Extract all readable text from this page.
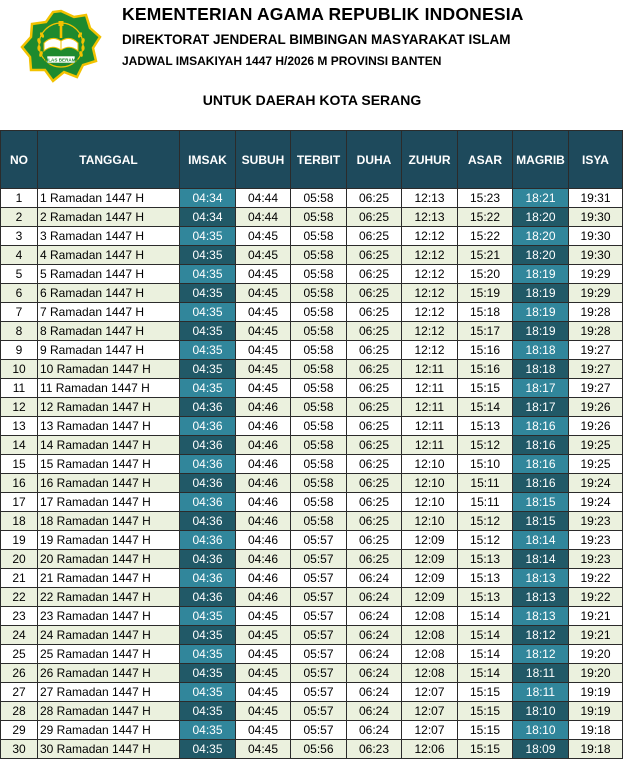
IKHLAS BERAMAL
KEMENTERIAN AGAMA REPUBLIK INDONESIA
DIREKTORAT JENDERAL BIMBINGAN MASYARAKAT ISLAM
JADWAL IMSAKIYAH 1447 H/2026 M PROVINSI BANTEN
UNTUK DAERAH KOTA SERANG
NO	TANGGAL	IMSAK	SUBUH	TERBIT	DUHA	ZUHUR	ASAR	MAGRIB	ISYA
1	1 Ramadan 1447 H	04:34	04:44	05:58	06:25	12:13	15:23	18:21	19:31
2	2 Ramadan 1447 H	04:34	04:44	05:58	06:25	12:13	15:22	18:20	19:30
3	3 Ramadan 1447 H	04:35	04:45	05:58	06:25	12:12	15:22	18:20	19:30
4	4 Ramadan 1447 H	04:35	04:45	05:58	06:25	12:12	15:21	18:20	19:30
5	5 Ramadan 1447 H	04:35	04:45	05:58	06:25	12:12	15:20	18:19	19:29
6	6 Ramadan 1447 H	04:35	04:45	05:58	06:25	12:12	15:19	18:19	19:29
7	7 Ramadan 1447 H	04:35	04:45	05:58	06:25	12:12	15:18	18:19	19:28
8	8 Ramadan 1447 H	04:35	04:45	05:58	06:25	12:12	15:17	18:19	19:28
9	9 Ramadan 1447 H	04:35	04:45	05:58	06:25	12:12	15:16	18:18	19:27
10	10 Ramadan 1447 H	04:35	04:45	05:58	06:25	12:11	15:16	18:18	19:27
11	11 Ramadan 1447 H	04:35	04:45	05:58	06:25	12:11	15:15	18:17	19:27
12	12 Ramadan 1447 H	04:36	04:46	05:58	06:25	12:11	15:14	18:17	19:26
13	13 Ramadan 1447 H	04:36	04:46	05:58	06:25	12:11	15:13	18:16	19:26
14	14 Ramadan 1447 H	04:36	04:46	05:58	06:25	12:11	15:12	18:16	19:25
15	15 Ramadan 1447 H	04:36	04:46	05:58	06:25	12:10	15:10	18:16	19:25
16	16 Ramadan 1447 H	04:36	04:46	05:58	06:25	12:10	15:11	18:16	19:24
17	17 Ramadan 1447 H	04:36	04:46	05:58	06:25	12:10	15:11	18:15	19:24
18	18 Ramadan 1447 H	04:36	04:46	05:58	06:25	12:10	15:12	18:15	19:23
19	19 Ramadan 1447 H	04:36	04:46	05:57	06:25	12:09	15:12	18:14	19:23
20	20 Ramadan 1447 H	04:36	04:46	05:57	06:25	12:09	15:13	18:14	19:23
21	21 Ramadan 1447 H	04:36	04:46	05:57	06:24	12:09	15:13	18:13	19:22
22	22 Ramadan 1447 H	04:36	04:46	05:57	06:24	12:09	15:13	18:13	19:22
23	23 Ramadan 1447 H	04:35	04:45	05:57	06:24	12:08	15:14	18:13	19:21
24	24 Ramadan 1447 H	04:35	04:45	05:57	06:24	12:08	15:14	18:12	19:21
25	25 Ramadan 1447 H	04:35	04:45	05:57	06:24	12:08	15:14	18:12	19:20
26	26 Ramadan 1447 H	04:35	04:45	05:57	06:24	12:08	15:14	18:11	19:20
27	27 Ramadan 1447 H	04:35	04:45	05:57	06:24	12:07	15:15	18:11	19:19
28	28 Ramadan 1447 H	04:35	04:45	05:57	06:24	12:07	15:15	18:10	19:19
29	29 Ramadan 1447 H	04:35	04:45	05:57	06:24	12:07	15:15	18:10	19:18
30	30 Ramadan 1447 H	04:35	04:45	05:56	06:23	12:06	15:15	18:09	19:18
